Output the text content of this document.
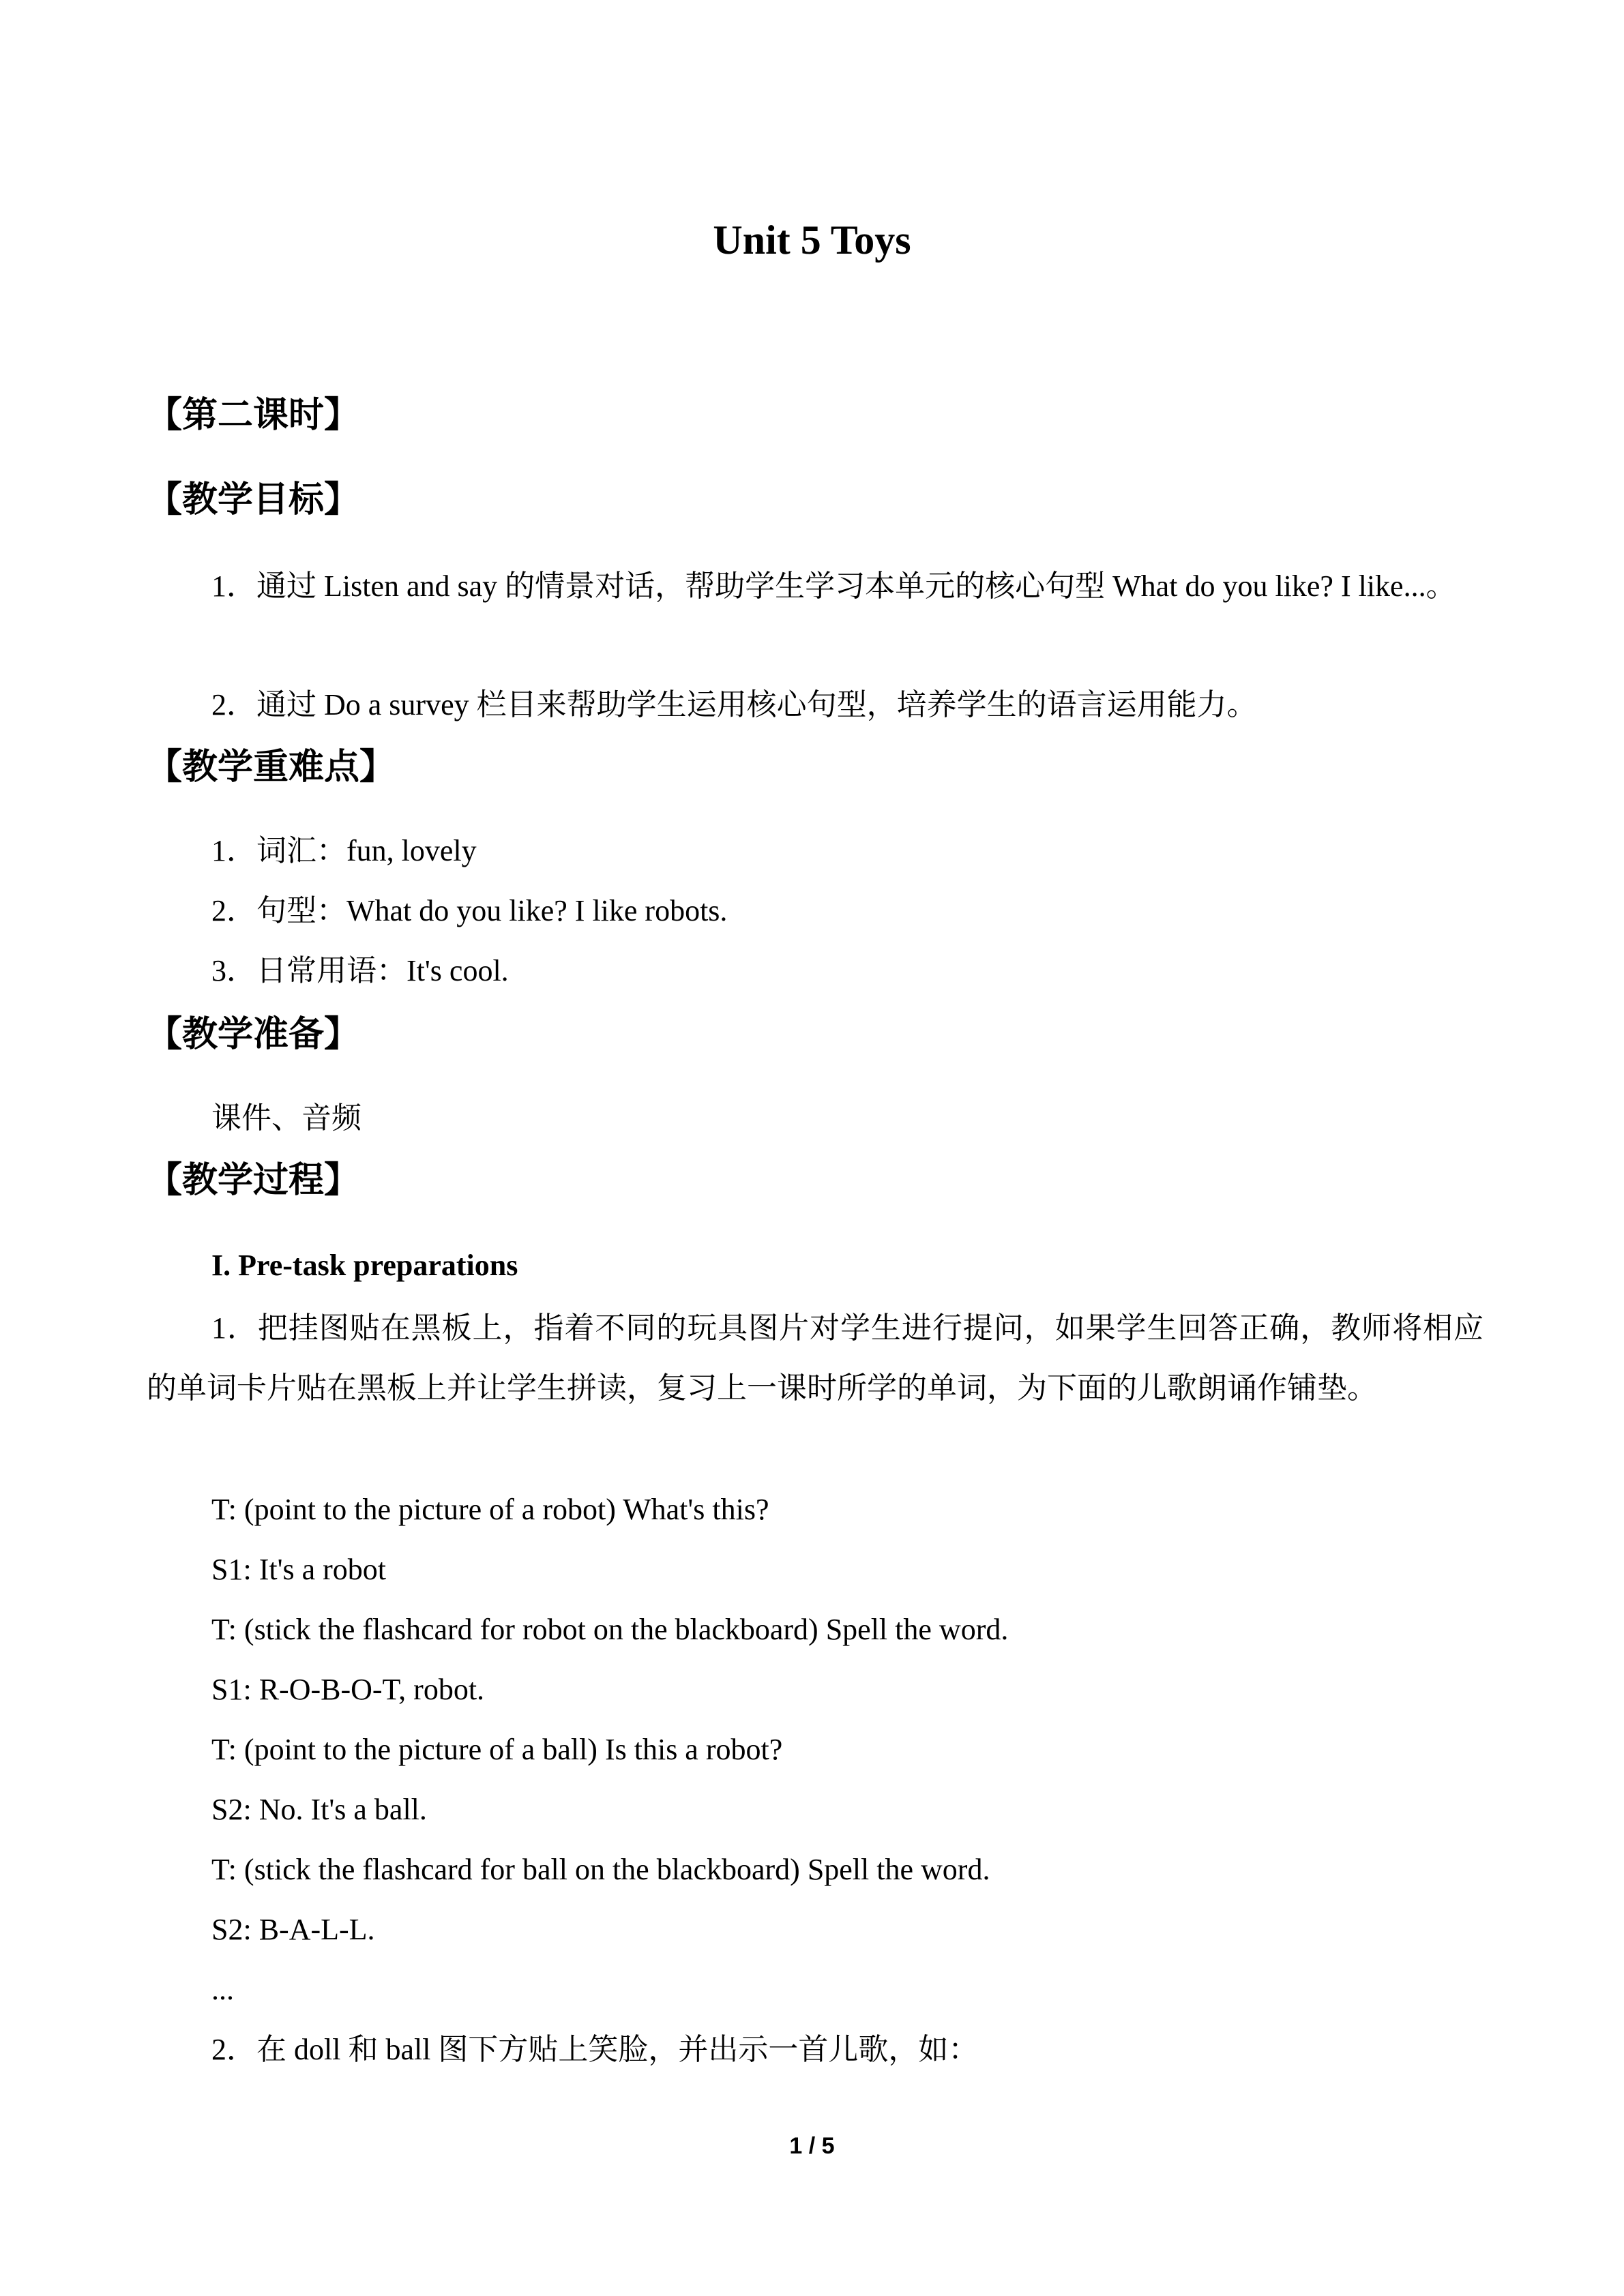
Unit 5 Toys
【第二课时】
【教学目标】
1．通过 Listen and say 的情景对话，帮助学生学习本单元的核心句型 What do you like? I like...。
2．通过 Do a survey 栏目来帮助学生运用核心句型，培养学生的语言运用能力。
【教学重难点】
1．词汇：fun, lovely
2．句型：What do you like? I like robots.
3．日常用语：It's cool.
【教学准备】
课件、音频
【教学过程】
I. Pre-task preparations
1．把挂图贴在黑板上，指着不同的玩具图片对学生进行提问，如果学生回答正确，教师将相应的单词卡片贴在黑板上并让学生拼读，复习上一课时所学的单词，为下面的儿歌朗诵作铺垫。
T: (point to the picture of a robot) What's this?
S1: It's a robot
T: (stick the flashcard for robot on the blackboard) Spell the word.
S1: R-O-B-O-T, robot.
T: (point to the picture of a ball) Is this a robot?
S2: No. It's a ball.
T: (stick the flashcard for ball on the blackboard) Spell the word.
S2: B-A-L-L.
...
2．在 doll 和 ball 图下方贴上笑脸，并出示一首儿歌，如：
1 / 5
